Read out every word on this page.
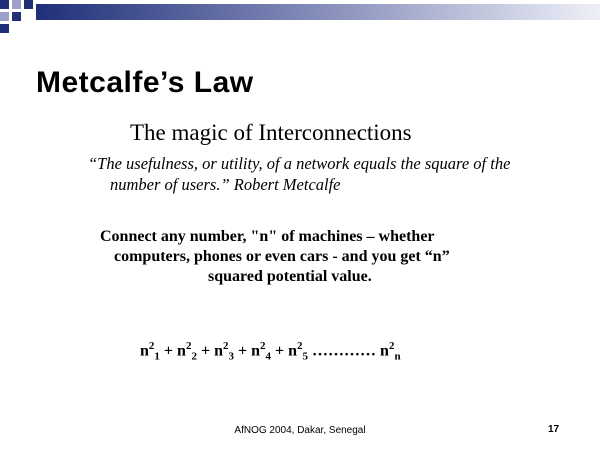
Metcalfe’s Law
The magic of Interconnections
“The usefulness, or utility, of a network equals the square of the number of users.” Robert Metcalfe
Connect any number, "n" of machines – whether
computers, phones or even cars - and you get “n”
squared potential value.
$n^2_1 + n^2_2 + n^2_3 + n^2_4 + n^2_5$ ………… $n^2_n$
AfNOG 2004, Dakar, Senegal	17
